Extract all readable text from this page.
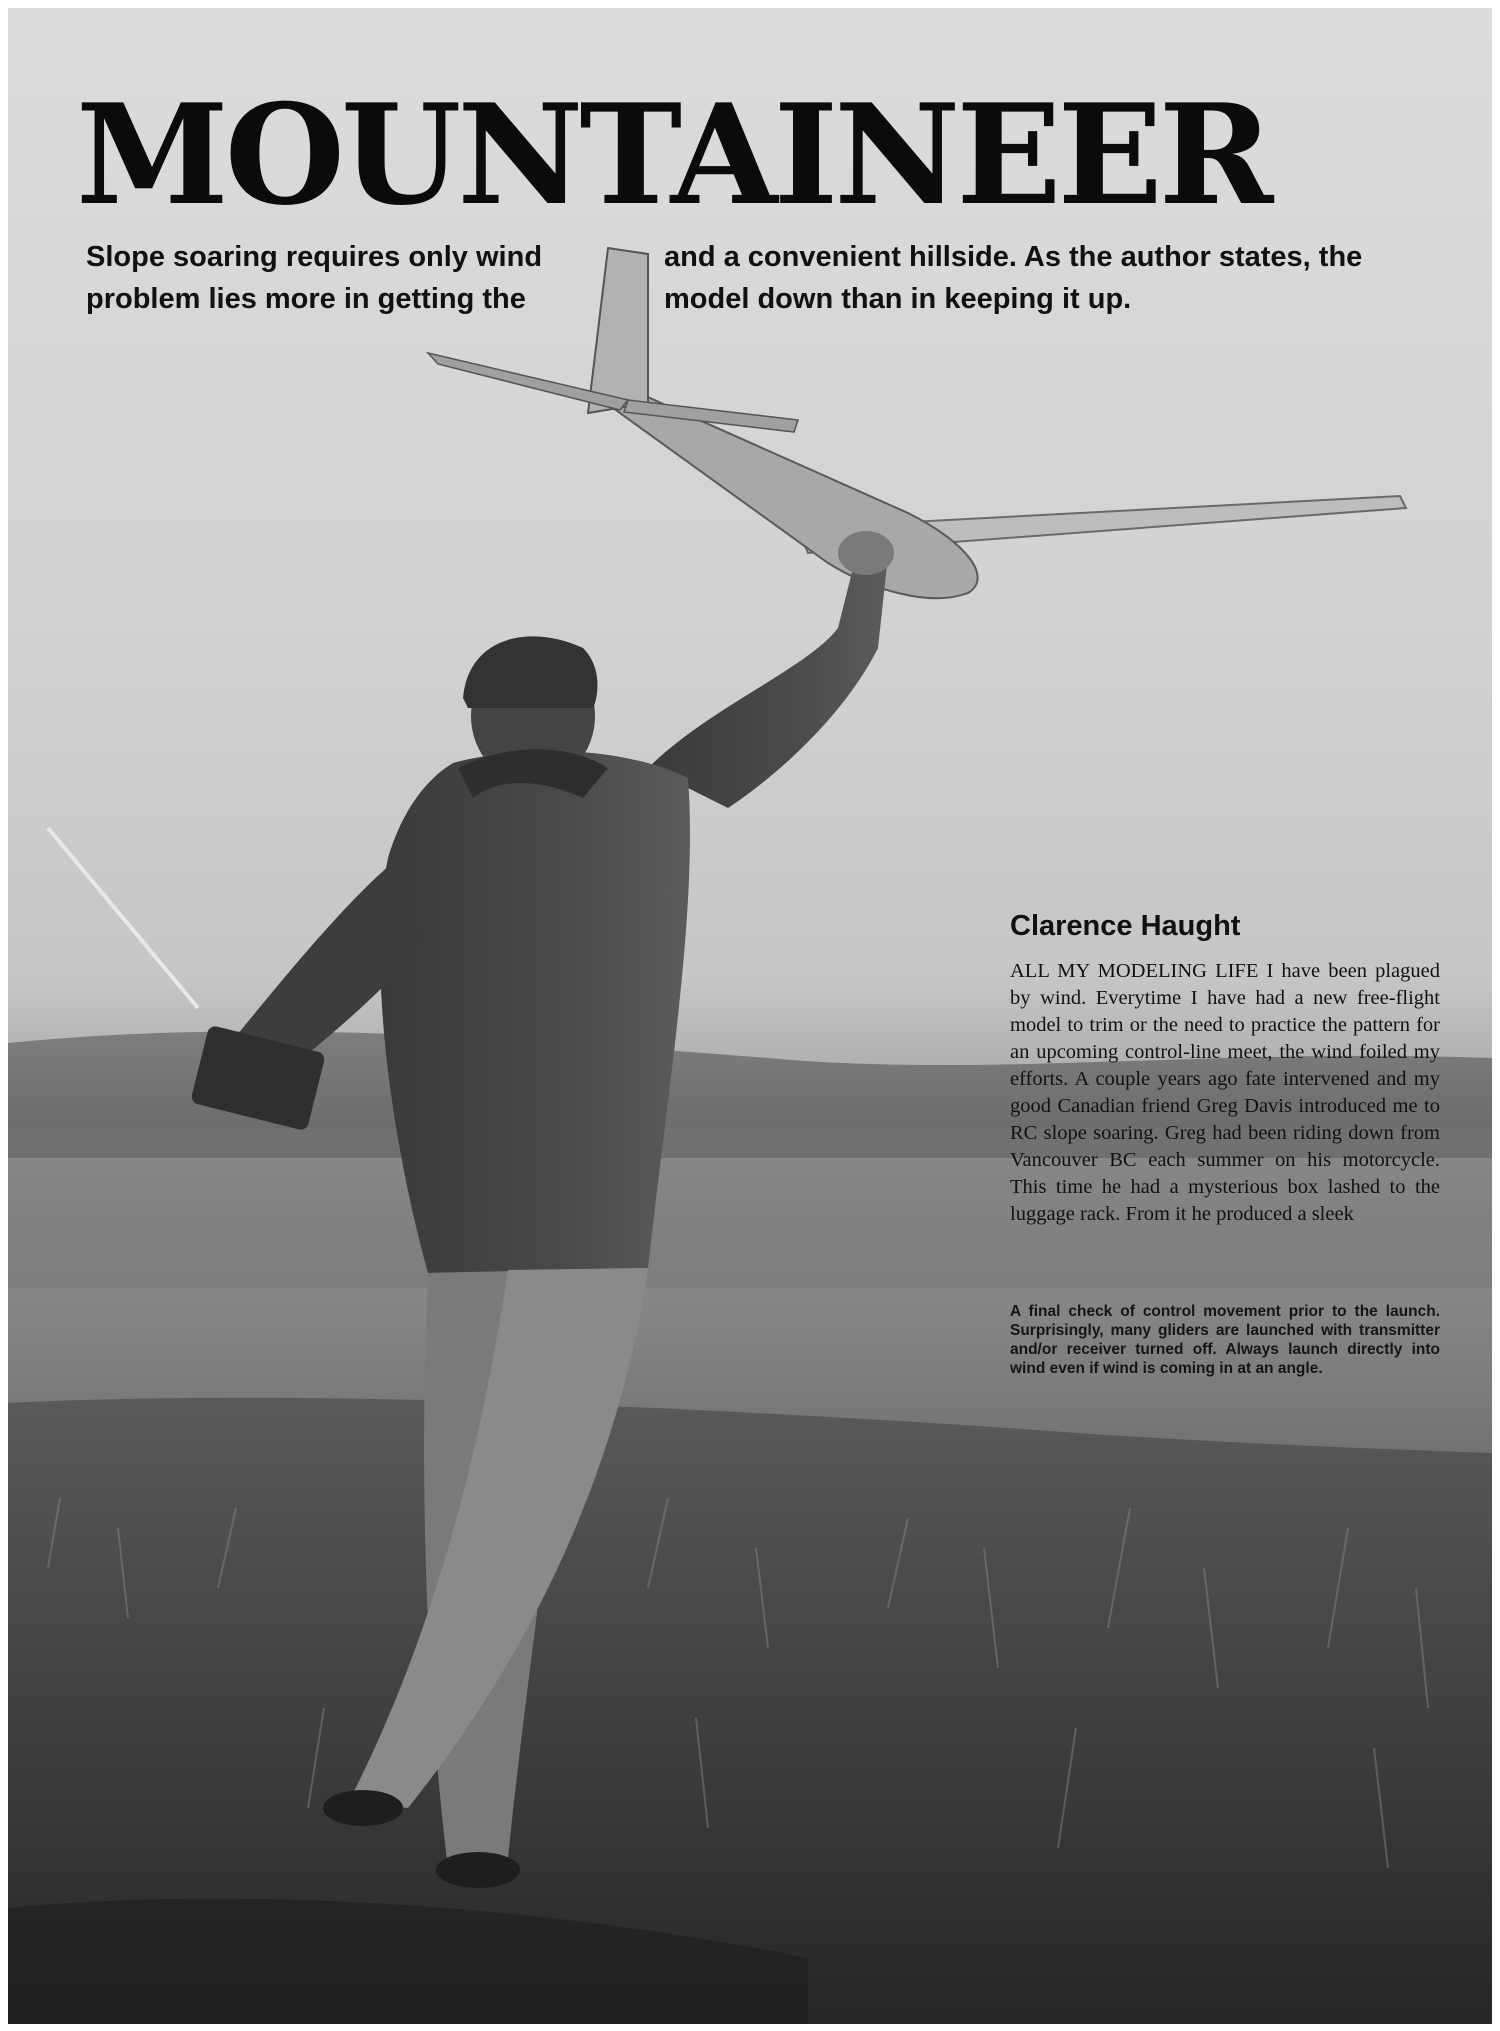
MOUNTAINEER

Slope soaring requires only wind

problem lies more in getting the

and a convenient hillside. As the author states, the

model down than in keeping it up.

Clarence Haught

ALL MY MODELING LIFE I have been plagued by wind. Everytime I have had a new free-flight model to trim or the need to practice the pattern for an upcoming control-line meet, the wind foiled my efforts. A couple years ago fate intervened and my good Canadian friend Greg Davis introduced me to RC slope soaring. Greg had been riding down from Vancouver BC each summer on his motorcycle. This time he had a mysterious box lashed to the luggage rack. From it he produced a sleek

A final check of control movement prior to the launch. Surprisingly, many gliders are launched with transmitter and/or receiver turned off. Always launch directly into wind even if wind is coming in at an angle.
